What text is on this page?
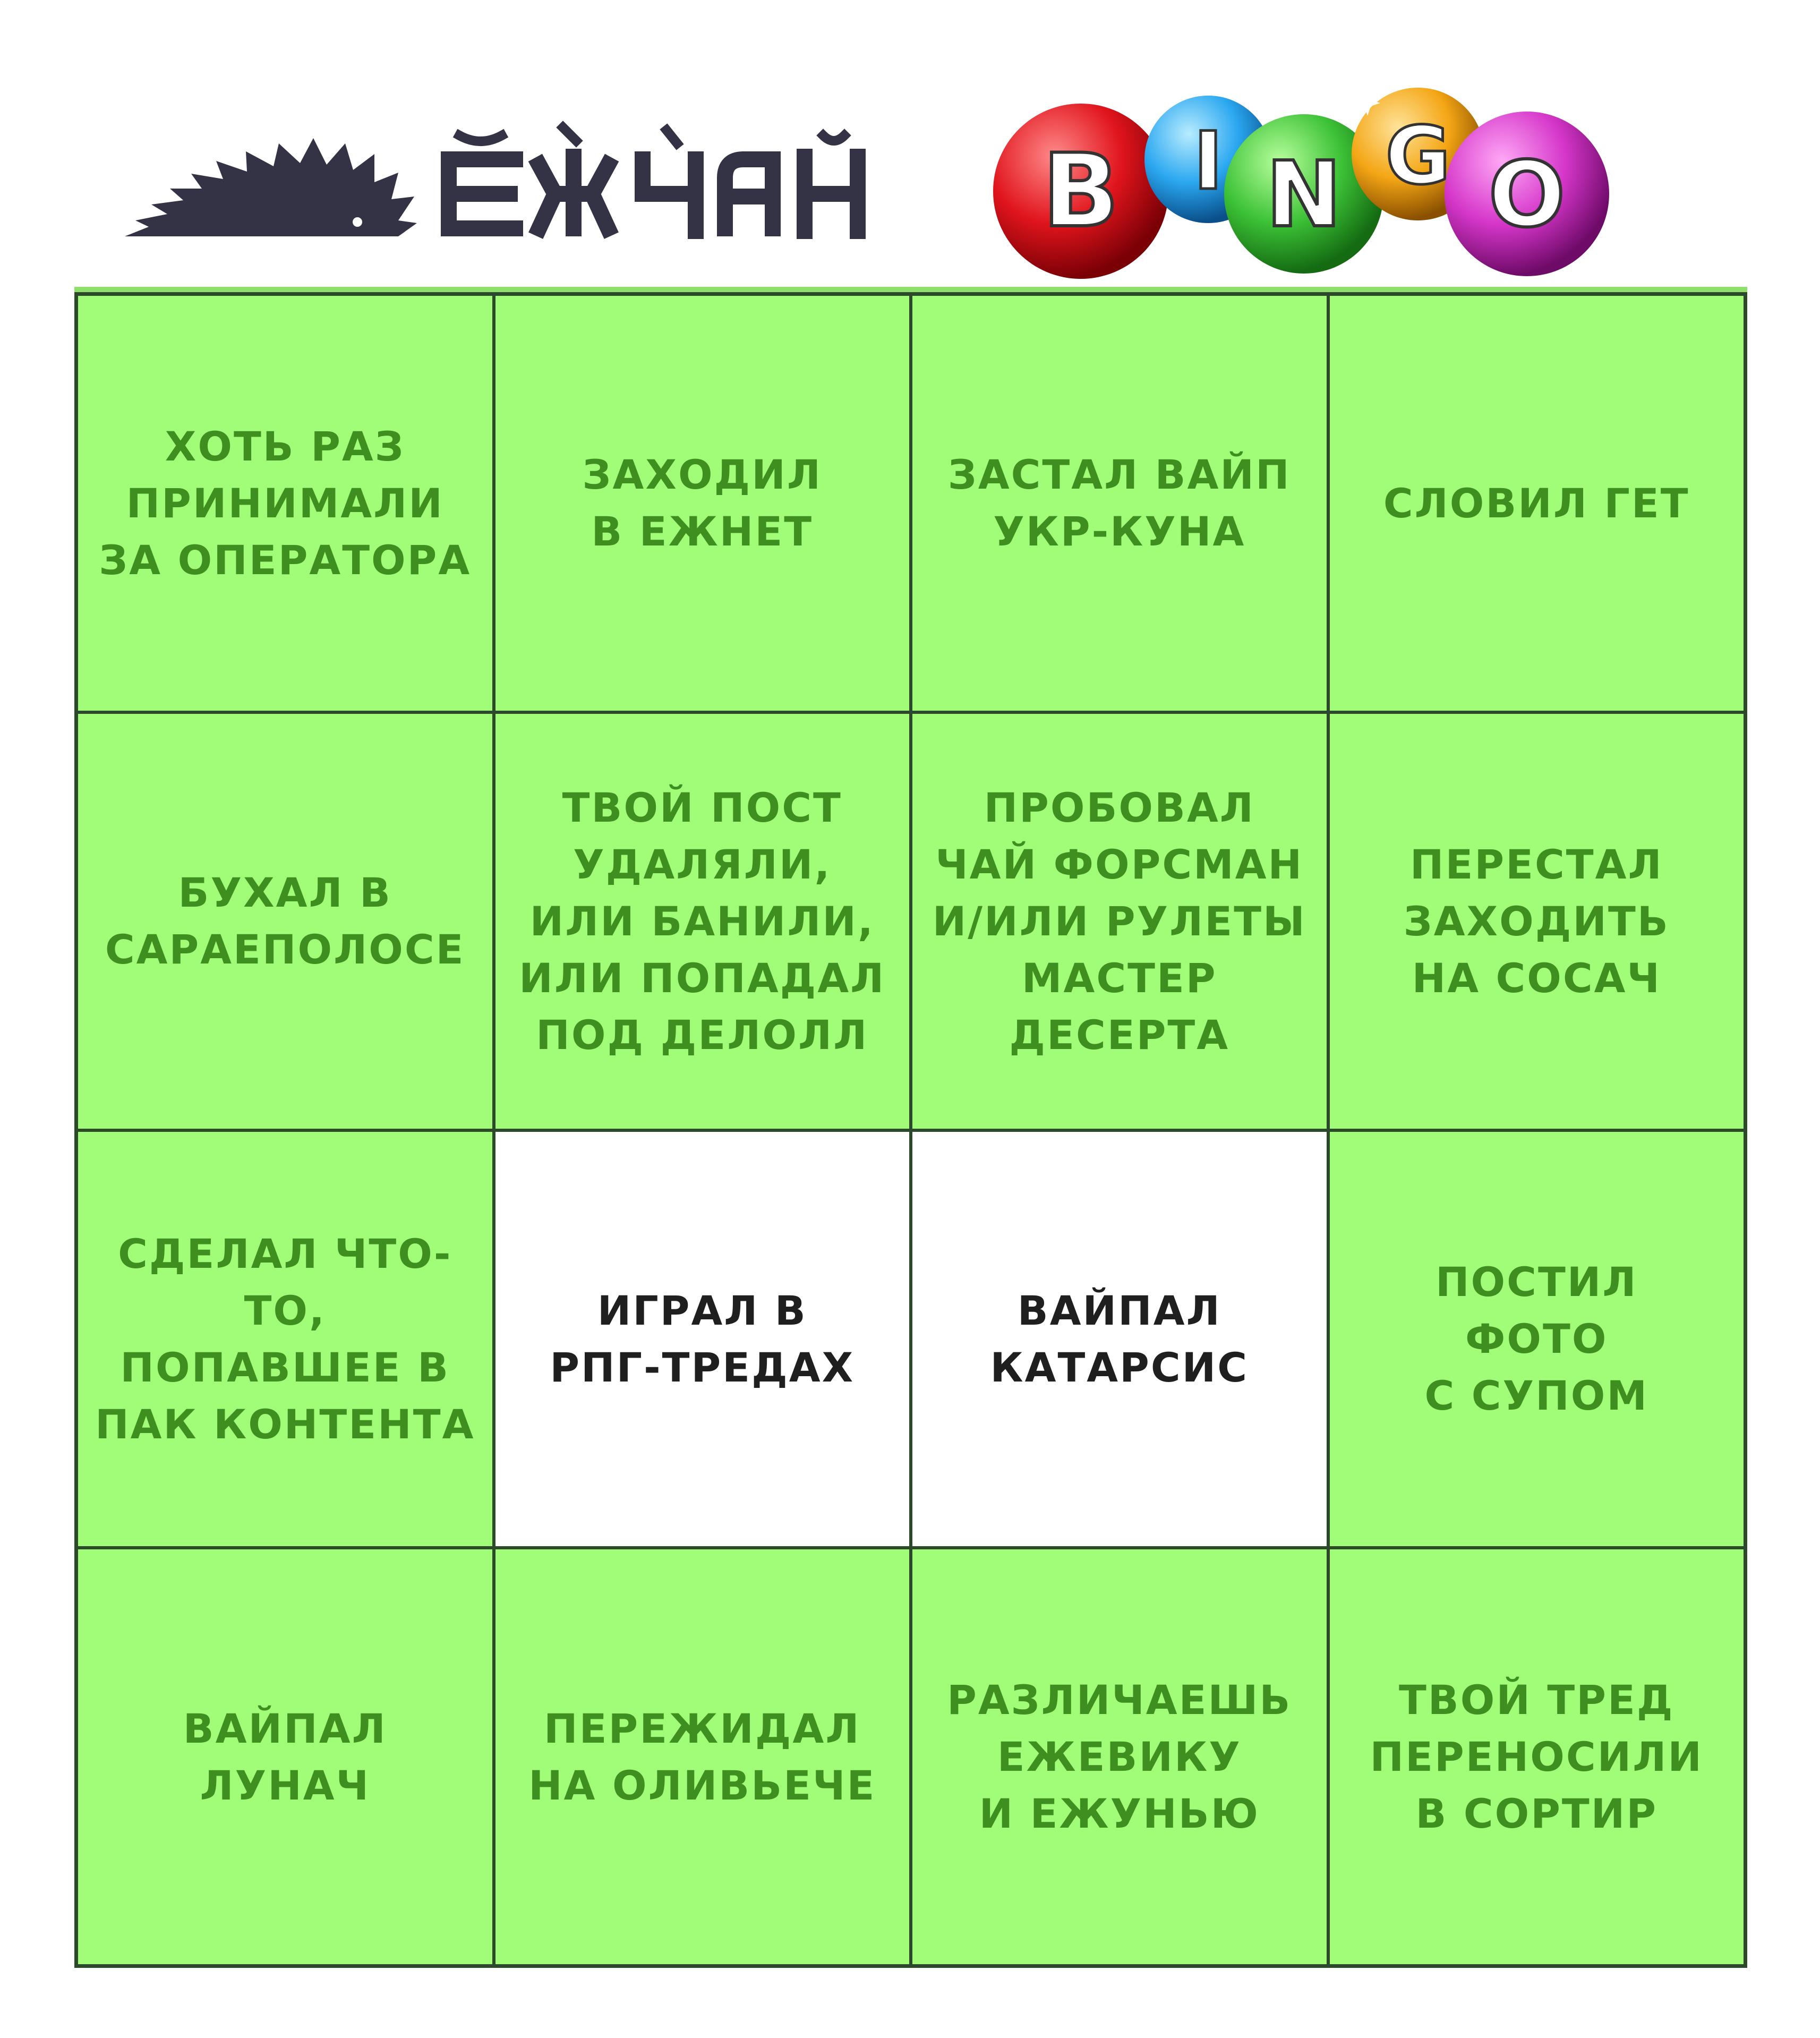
B I N G O
ХОТЬ РАЗ
ПРИНИМАЛИ
ЗА ОПЕРАТОРА
ЗАХОДИЛ
В ЕЖНЕТ
ЗАСТАЛ ВАЙП
УКР-КУНА
СЛОВИЛ ГЕТ
БУХАЛ В
САРАЕПОЛОСЕ
ТВОЙ ПОСТ
УДАЛЯЛИ,
ИЛИ БАНИЛИ,
ИЛИ ПОПАДАЛ
ПОД ДЕЛОЛЛ
ПРОБОВАЛ
ЧАЙ ФОРСМАН
И/ИЛИ РУЛЕТЫ
МАСТЕР
ДЕСЕРТА
ПЕРЕСТАЛ
ЗАХОДИТЬ
НА СОСАЧ
СДЕЛАЛ ЧТО-ТО,
ПОПАВШЕЕ В
ПАК КОНТЕНТА
ИГРАЛ В
РПГ-ТРЕДАХ
ВАЙПАЛ
КАТАРСИС
ПОСТИЛ
ФОТО
С СУПОМ
ВАЙПАЛ
ЛУНАЧ
ПЕРЕЖИДАЛ
НА ОЛИВЬЕЧЕ
РАЗЛИЧАЕШЬ
ЕЖЕВИКУ
И ЕЖУНЬЮ
ТВОЙ ТРЕД
ПЕРЕНОСИЛИ
В СОРТИР
